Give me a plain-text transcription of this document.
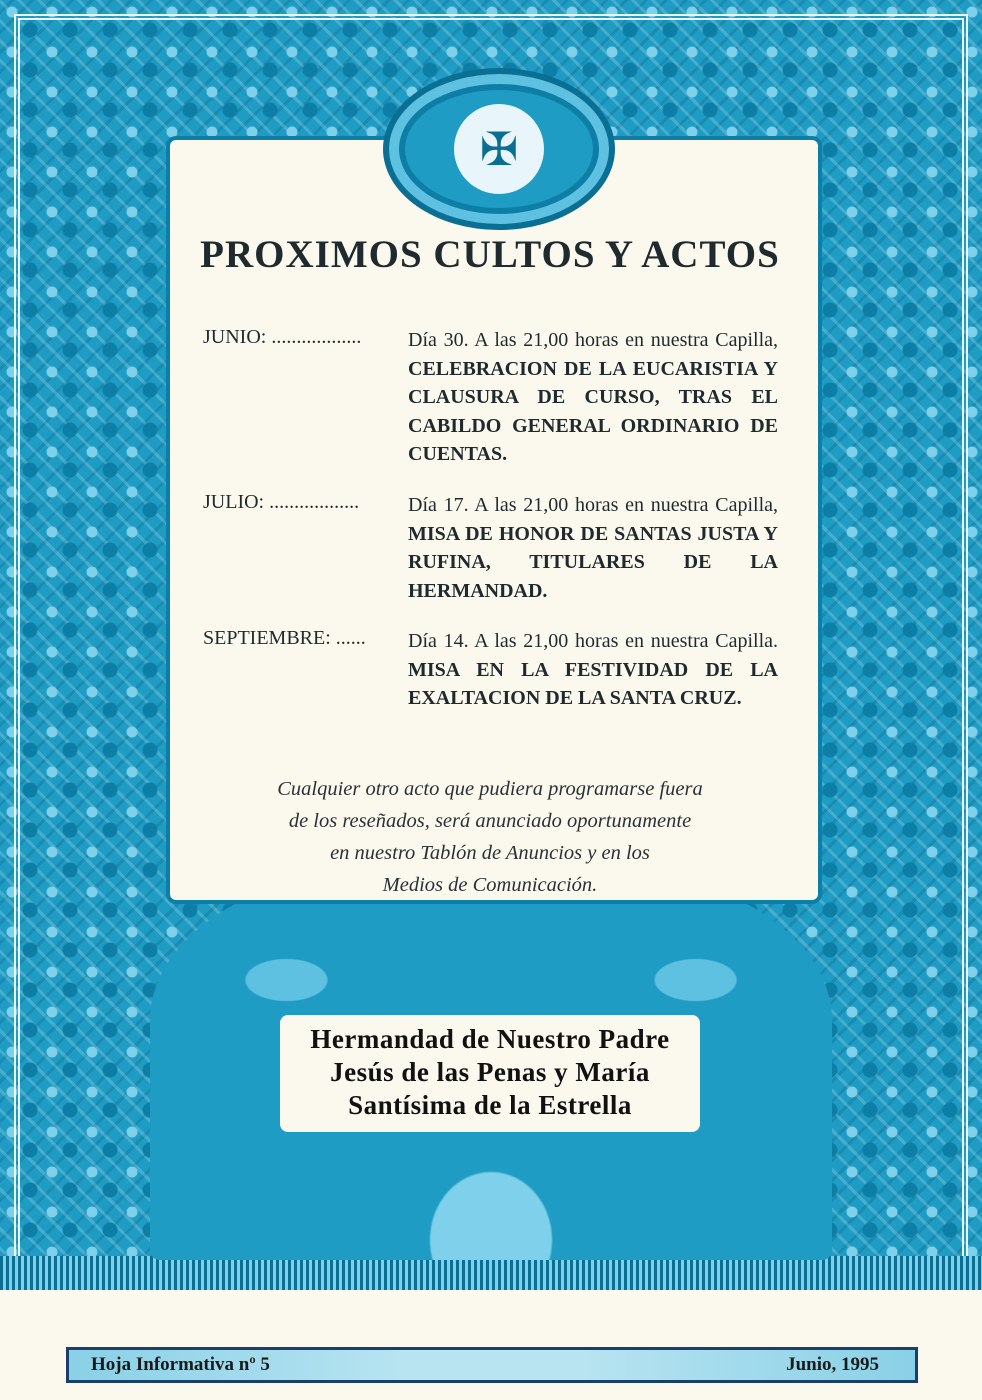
✠
PROXIMOS CULTOS Y ACTOS
JUNIO: ..................	Día 30. A las 21,00 horas en nuestra Capilla, CELEBRACION DE LA EUCARISTIA Y CLAUSURA DE CURSO, TRAS EL CABILDO GENERAL ORDINARIO DE CUENTAS.
JULIO: ..................	Día 17. A las 21,00 horas en nuestra Capilla, MISA DE HONOR DE SANTAS JUSTA Y RUFINA, TITULARES DE LA HERMANDAD.
SEPTIEMBRE: ......	Día 14. A las 21,00 horas en nuestra Capilla. MISA EN LA FESTIVIDAD DE LA EXALTACION DE LA SANTA CRUZ.
Cualquier otro acto que pudiera programarse fuera
de los reseñados, será anunciado oportunamente
en nuestro Tablón de Anuncios y en los
Medios de Comunicación.
Hermandad de Nuestro Padre
Jesús de las Penas y María
Santísima de la Estrella
Hoja Informativa nº 5	Junio, 1995
